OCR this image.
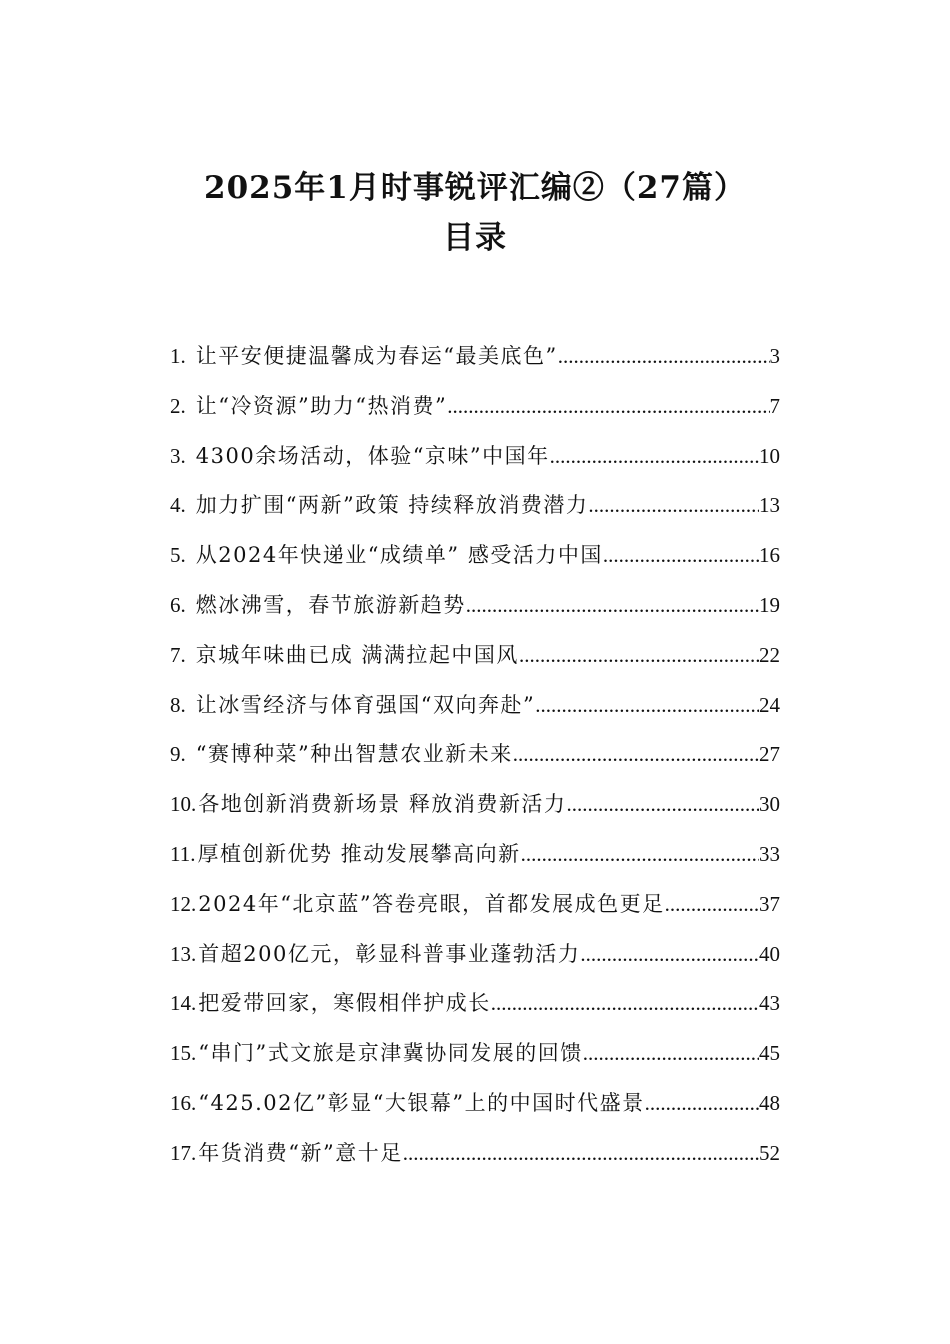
2025年1月时事锐评汇编②（27篇）
目录
1. 让平安便捷温馨成为春运“最美底色” .....	3
2. 让“冷资源”助力“热消费” .....	7
3. 4300余场活动，体验“京味”中国年 .....	10
4. 加力扩围“两新”政策 持续释放消费潜力 .....	13
5. 从2024年快递业“成绩单” 感受活力中国 .....	16
6. 燃冰沸雪，春节旅游新趋势 .....	19
7. 京城年味曲已成 满满拉起中国风 .....	22
8. 让冰雪经济与体育强国“双向奔赴” .....	24
9. “赛博种菜”种出智慧农业新未来 .....	27
10. 各地创新消费新场景 释放消费新活力 .....	30
11. 厚植创新优势 推动发展攀高向新 .....	33
12. 2024年“北京蓝”答卷亮眼，首都发展成色更足 .....	37
13. 首超200亿元，彰显科普事业蓬勃活力 .....	40
14. 把爱带回家，寒假相伴护成长 .....	43
15. “串门”式文旅是京津冀协同发展的回馈 .....	45
16. “425.02亿”彰显“大银幕”上的中国时代盛景 .....	48
17. 年货消费“新”意十足 .....	52
